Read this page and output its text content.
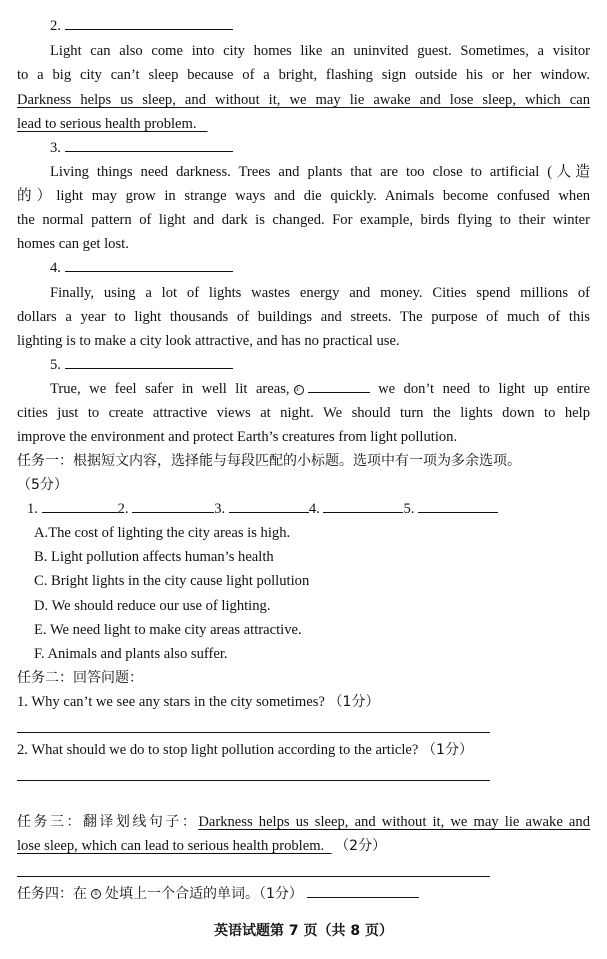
2.
Light can also come into city homes like an uninvited guest. Sometimes, a visitor
to a big city can’t sleep because of a bright, flashing sign outside his or her window.
Darkness helps us sleep, and without it, we may lie awake and lose sleep, which can
lead to serious health problem.
3.
Living things need darkness. Trees and plants that are too close to artificial (人造
的）light may grow in strange ways and die quickly. Animals become confused when
the normal pattern of light and dark is changed. For example, birds flying to their winter
homes can get lost.
4.
Finally, using a lot of lights wastes energy and money. Cities spend millions of
dollars a year to light thousands of buildings and streets. The purpose of much of this
lighting is to make a city look attractive, and has no practical use.
5.
True, we feel safer in well lit areas, ①	we don’t need to light up entire
cities just to create attractive views at night. We should turn the lights down to help
improve the environment and protect Earth’s creatures from light pollution.
任务一：根据短文内容，选择能与每段匹配的小标题。选项中有一项为多余选项。
（5分）
1.	2.	3.	4.	5.
A.The cost of lighting the city areas is high.
B. Light pollution affects human’s health
C. Bright lights in the city cause light pollution
D. We should reduce our use of lighting.
E. We need light to make city areas attractive.
F. Animals and plants also suffer.
任务二：回答问题：
1. Why can’t we see any stars in the city sometimes? （1分）
2. What should we do to stop light pollution according to the article? （1分）
任务三：翻译划线句子：Darkness helps us sleep, and without it, we may lie awake and
lose sleep, which can lead to serious health problem. （2分）
任务四：在 ① 处填上一个合适的单词。（1分）
英语试题第 7 页（共 8 页）
